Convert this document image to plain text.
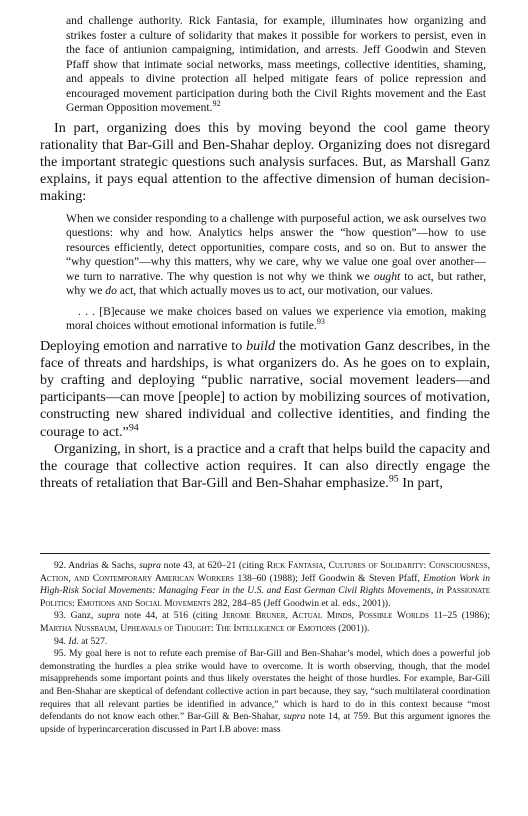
and challenge authority. Rick Fantasia, for example, illuminates how organizing and strikes foster a culture of solidarity that makes it possible for workers to persist, even in the face of antiunion campaigning, intimidation, and arrests. Jeff Goodwin and Steven Pfaff show that intimate social networks, mass meetings, collective identities, shaming, and appeals to divine protection all helped mitigate fears of police repression and encouraged movement participation during both the Civil Rights movement and the East German Opposition movement.$^{92}$

In part, organizing does this by moving beyond the cool game theory rationality that Bar-Gill and Ben-Shahar deploy. Organizing does not disregard the important strategic questions such analysis surfaces. But, as Marshall Ganz explains, it pays equal attention to the affective dimension of human decision-making:

When we consider responding to a challenge with purposeful action, we ask ourselves two questions: why and how. Analytics helps answer the “how question”—how to use resources efficiently, detect opportunities, compare costs, and so on. But to answer the “why question”—why this matters, why we care, why we value one goal over another—we turn to narrative. The why question is not why we think we ought to act, but rather, why we do act, that which actually moves us to act, our motivation, our values.

. . . [B]ecause we make choices based on values we experience via emotion, making moral choices without emotional information is futile.$^{93}$

Deploying emotion and narrative to build the motivation Ganz describes, in the face of threats and hardships, is what organizers do. As he goes on to explain, by crafting and deploying “public narrative, social movement leaders—and participants—can move [people] to action by mobilizing sources of motivation, constructing new shared individual and collective identities, and finding the courage to act.”$^{94}$

Organizing, in short, is a practice and a craft that helps build the capacity and the courage that collective action requires. It can also directly engage the threats of retaliation that Bar-Gill and Ben-Shahar emphasize.$^{95}$ In part,

92. Andrias & Sachs, supra note 43, at 620–21 (citing Rick Fantasia, Cultures of Solidarity: Consciousness, Action, and Contemporary American Workers 138–60 (1988); Jeff Goodwin & Steven Pfaff, Emotion Work in High-Risk Social Movements: Managing Fear in the U.S. and East German Civil Rights Movements, in Passionate Politics: Emotions and Social Movements 282, 284–85 (Jeff Goodwin et al. eds., 2001)).

93. Ganz, supra note 44, at 516 (citing Jerome Bruner, Actual Minds, Possible Worlds 11–25 (1986); Martha Nussbaum, Upheavals of Thought: The Intelligence of Emotions (2001)).

94. Id. at 527.

95. My goal here is not to refute each premise of Bar-Gill and Ben-Shahar’s model, which does a powerful job demonstrating the hurdles a plea strike would have to overcome. It is worth observing, though, that the model misapprehends some important points and thus likely overstates the height of those hurdles. For example, Bar-Gill and Ben-Shahar are skeptical of defendant collective action in part because, they say, “such multilateral coordination requires that all relevant parties be identified in advance,” which is hard to do in this context because “most defendants do not know each other.” Bar-Gill & Ben-Shahar, supra note 14, at 759. But this argument ignores the upside of hyperincarceration discussed in Part I.B above: mass
